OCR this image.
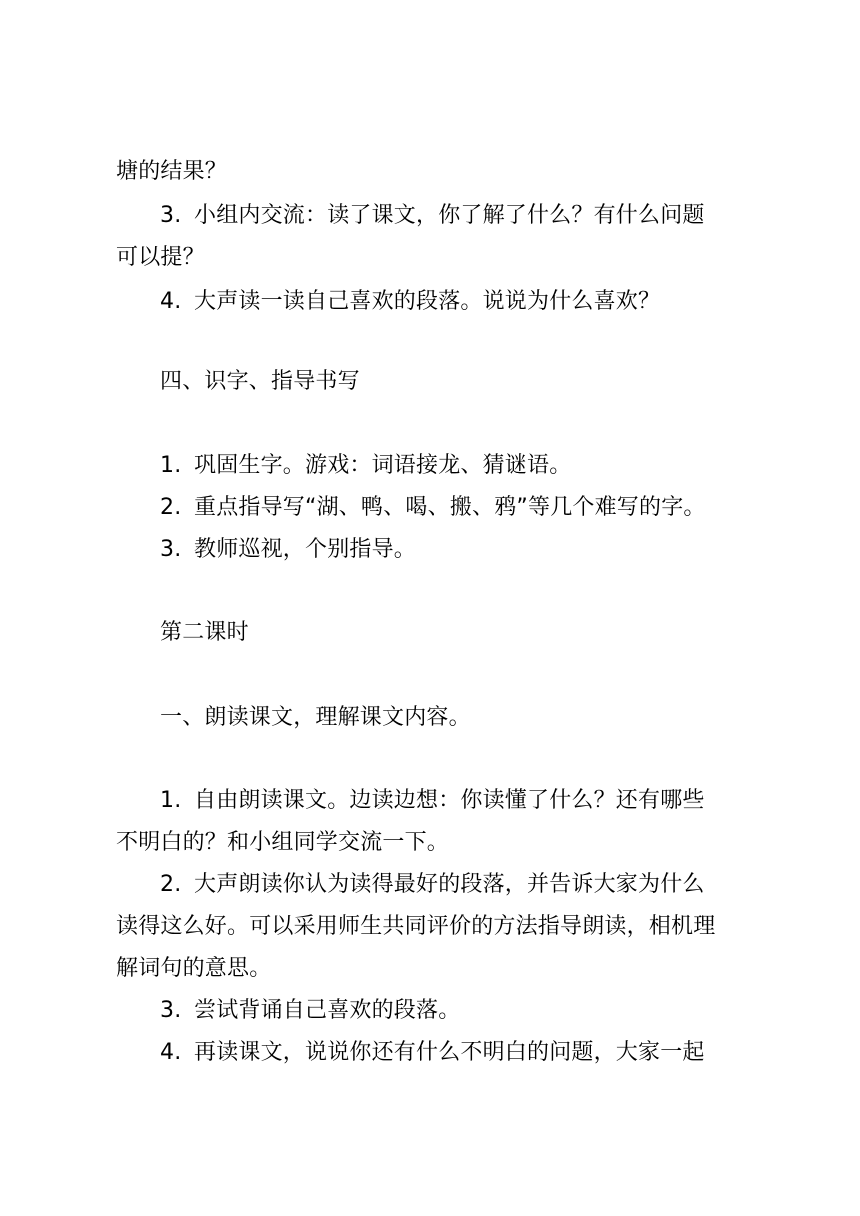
塘的结果？
3. 小组内交流：读了课文，你了解了什么？有什么问题
可以提？
4. 大声读一读自己喜欢的段落。说说为什么喜欢？
四、识字、指导书写
1. 巩固生字。游戏：词语接龙、猜谜语。
2. 重点指导写“湖、鸭、喝、搬、鸦”等几个难写的字。
3. 教师巡视，个别指导。
第二课时
一、朗读课文，理解课文内容。
1. 自由朗读课文。边读边想：你读懂了什么？还有哪些
不明白的？和小组同学交流一下。
2. 大声朗读你认为读得最好的段落，并告诉大家为什么
读得这么好。可以采用师生共同评价的方法指导朗读，相机理
解词句的意思。
3. 尝试背诵自己喜欢的段落。
4. 再读课文，说说你还有什么不明白的问题，大家一起
